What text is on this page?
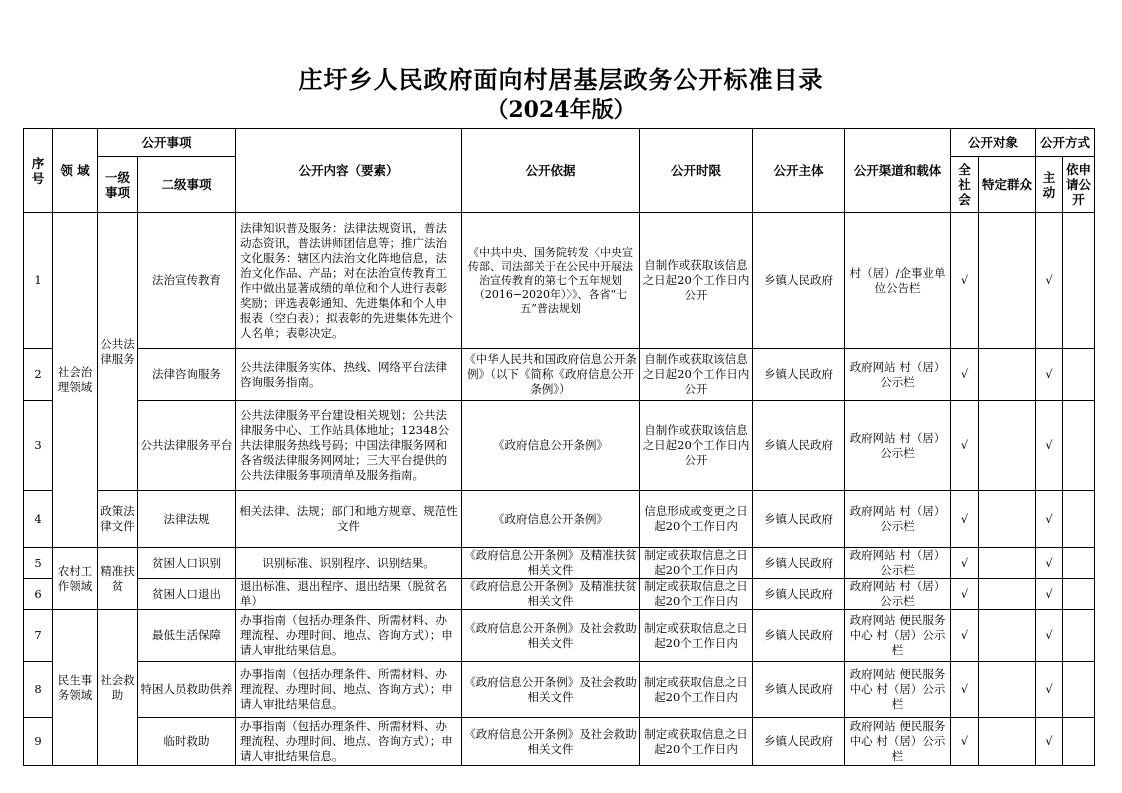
庄圩乡人民政府面向村居基层政务公开标准目录
（2024年版）
序号	领 域	公开事项		公开内容（要素）	公开依据	公开时限	公开主体	公开渠道和载体	公开对象		公开方式	
		一级事项	二级事项						全社会	特定群众	主动	依申请公开
1	社会治理领域	公共法律服务	法治宣传教育	法律知识普及服务：法律法规资讯，普法动态资讯，普法讲师团信息等；推广法治文化服务：辖区内法治文化阵地信息，法治文化作品、产品；对在法治宣传教育工作中做出显著成绩的单位和个人进行表彰奖励；评选表彰通知、先进集体和个人申报表（空白表）；拟表彰的先进集体先进个人名单；表彰决定。	《中共中央、国务院转发〈中央宣传部、司法部关于在公民中开展法治宣传教育的第七个五年规划（2016−2020年）〉》、各省“七五”普法规划	自制作或获取该信息之日起20个工作日内公开	乡镇人民政府	村（居）/企事业单位公告栏	√		√	
2			法律咨询服务	公共法律服务实体、热线、网络平台法律咨询服务指南。	《中华人民共和国政府信息公开条例》（以下《简称《政府信息公开条例》）	自制作或获取该信息之日起20个工作日内公开	乡镇人民政府	政府网站 村（居）公示栏	√		√	
3			公共法律服务平台	公共法律服务平台建设相关规划；公共法律服务中心、工作站具体地址；12348公共法律服务热线号码；中国法律服务网和各省级法律服务网网址；三大平台提供的公共法律服务事项清单及服务指南。	《政府信息公开条例》	自制作或获取该信息之日起20个工作日内公开	乡镇人民政府	政府网站 村（居）公示栏	√		√	
4		政策法律文件	法律法规	相关法律、法规；部门和地方规章、规范性文件	《政府信息公开条例》	信息形成或变更之日起20个工作日内	乡镇人民政府	政府网站 村（居）公示栏	√		√	
5	农村工作领域	精准扶贫	贫困人口识别	识别标准、识别程序、识别结果。	《政府信息公开条例》及精准扶贫相关文件	制定或获取信息之日起20个工作日内	乡镇人民政府	政府网站 村（居）公示栏	√		√	
6			贫困人口退出	退出标准、退出程序、退出结果（脱贫名单）	《政府信息公开条例》及精准扶贫相关文件	制定或获取信息之日起20个工作日内	乡镇人民政府	政府网站 村（居）公示栏	√		√	
7	民生事务领域	社会救助	最低生活保障	办事指南（包括办理条件、所需材料、办理流程、办理时间、地点、咨询方式）；申请人审批结果信息。	《政府信息公开条例》及社会救助相关文件	制定或获取信息之日起20个工作日内	乡镇人民政府	政府网站 便民服务中心 村（居）公示栏	√		√	
8			特困人员救助供养	办事指南（包括办理条件、所需材料、办理流程、办理时间、地点、咨询方式）；申请人审批结果信息。	《政府信息公开条例》及社会救助相关文件	制定或获取信息之日起20个工作日内	乡镇人民政府	政府网站 便民服务中心 村（居）公示栏	√		√	
9			临时救助	办事指南（包括办理条件、所需材料、办理流程、办理时间、地点、咨询方式）；申请人审批结果信息。	《政府信息公开条例》及社会救助相关文件	制定或获取信息之日起20个工作日内	乡镇人民政府	政府网站 便民服务中心 村（居）公示栏	√		√	
